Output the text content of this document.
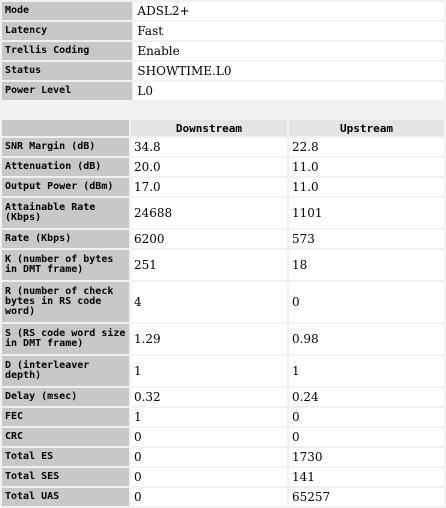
Mode	ADSL2+
Latency	Fast
Trellis Coding	Enable
Status	SHOWTIME.L0
Power Level	L0
	Downstream	Upstream
SNR Margin (dB)	34.8	22.8
Attenuation (dB)	20.0	11.0
Output Power (dBm)	17.0	11.0
Attainable Rate (Kbps)	24688	1101
Rate (Kbps)	6200	573
K (number of bytes in DMT frame)	251	18
R (number of check bytes in RS code word)	4	0
S (RS code word size in DMT frame)	1.29	0.98
D (interleaver depth)	1	1
Delay (msec)	0.32	0.24
FEC	1	0
CRC	0	0
Total ES	0	1730
Total SES	0	141
Total UAS	0	65257
